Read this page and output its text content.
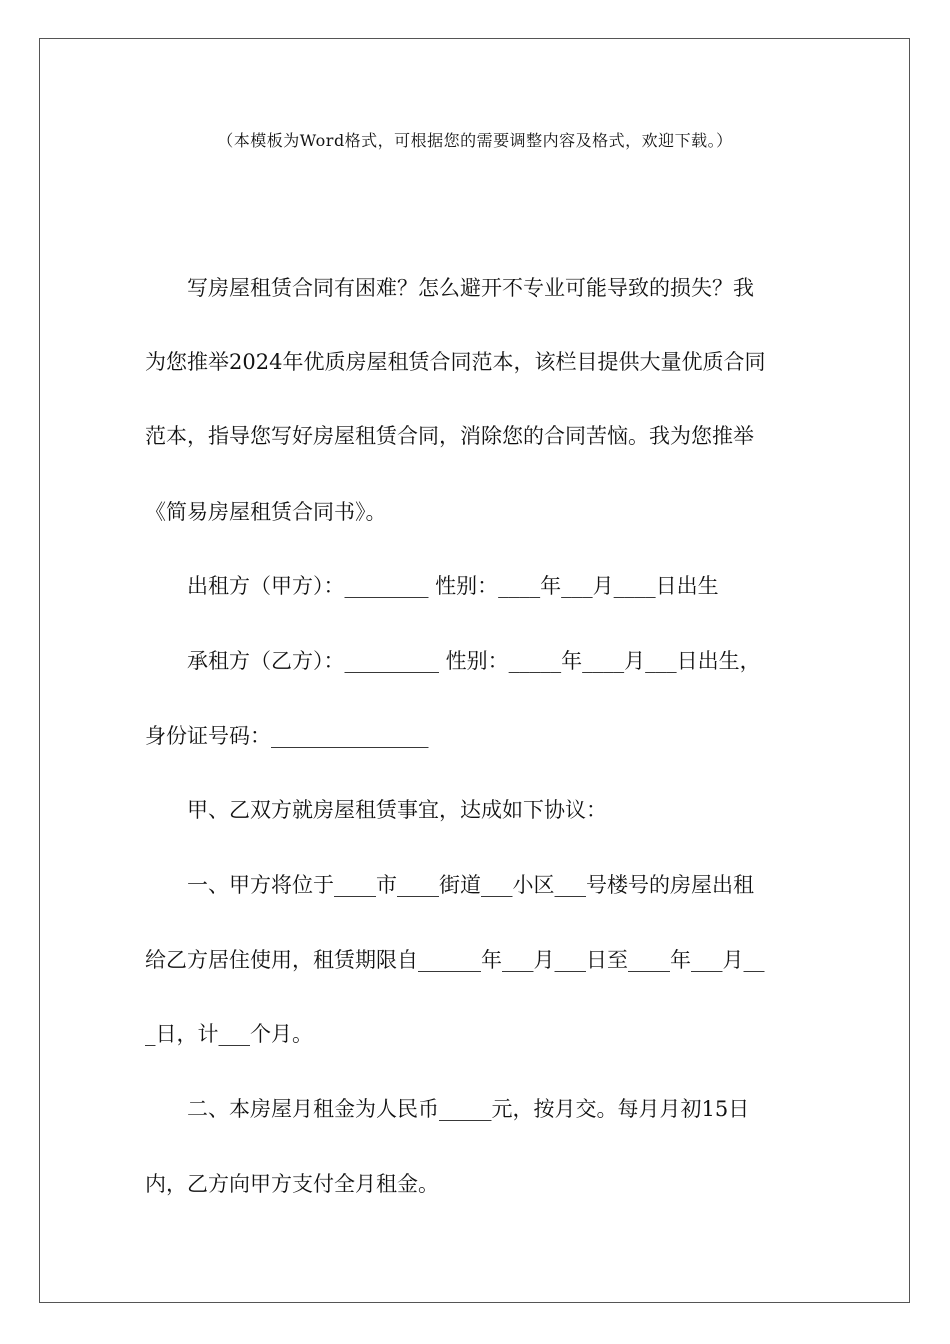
（本模板为Word格式，可根据您的需要调整内容及格式，欢迎下载。）
　　写房屋租赁合同有困难？怎么避开不专业可能导致的损失？我
为您推举2024年优质房屋租赁合同范本，该栏目提供大量优质合同
范本，指导您写好房屋租赁合同，消除您的合同苦恼。我为您推举
《简易房屋租赁合同书》。
　　出租方（甲方）：________ 性别：____年___月____日出生
　　承租方（乙方）：_________ 性别：_____年____月___日出生，
身份证号码：_______________
　　甲、乙双方就房屋租赁事宜，达成如下协议：
　　一、甲方将位于____市____街道___小区___号楼号的房屋出租
给乙方居住使用，租赁期限自______年___月___日至____年___月__
_日，计___个月。
　　二、本房屋月租金为人民币_____元，按月交。每月月初15日
内，乙方向甲方支付全月租金。
